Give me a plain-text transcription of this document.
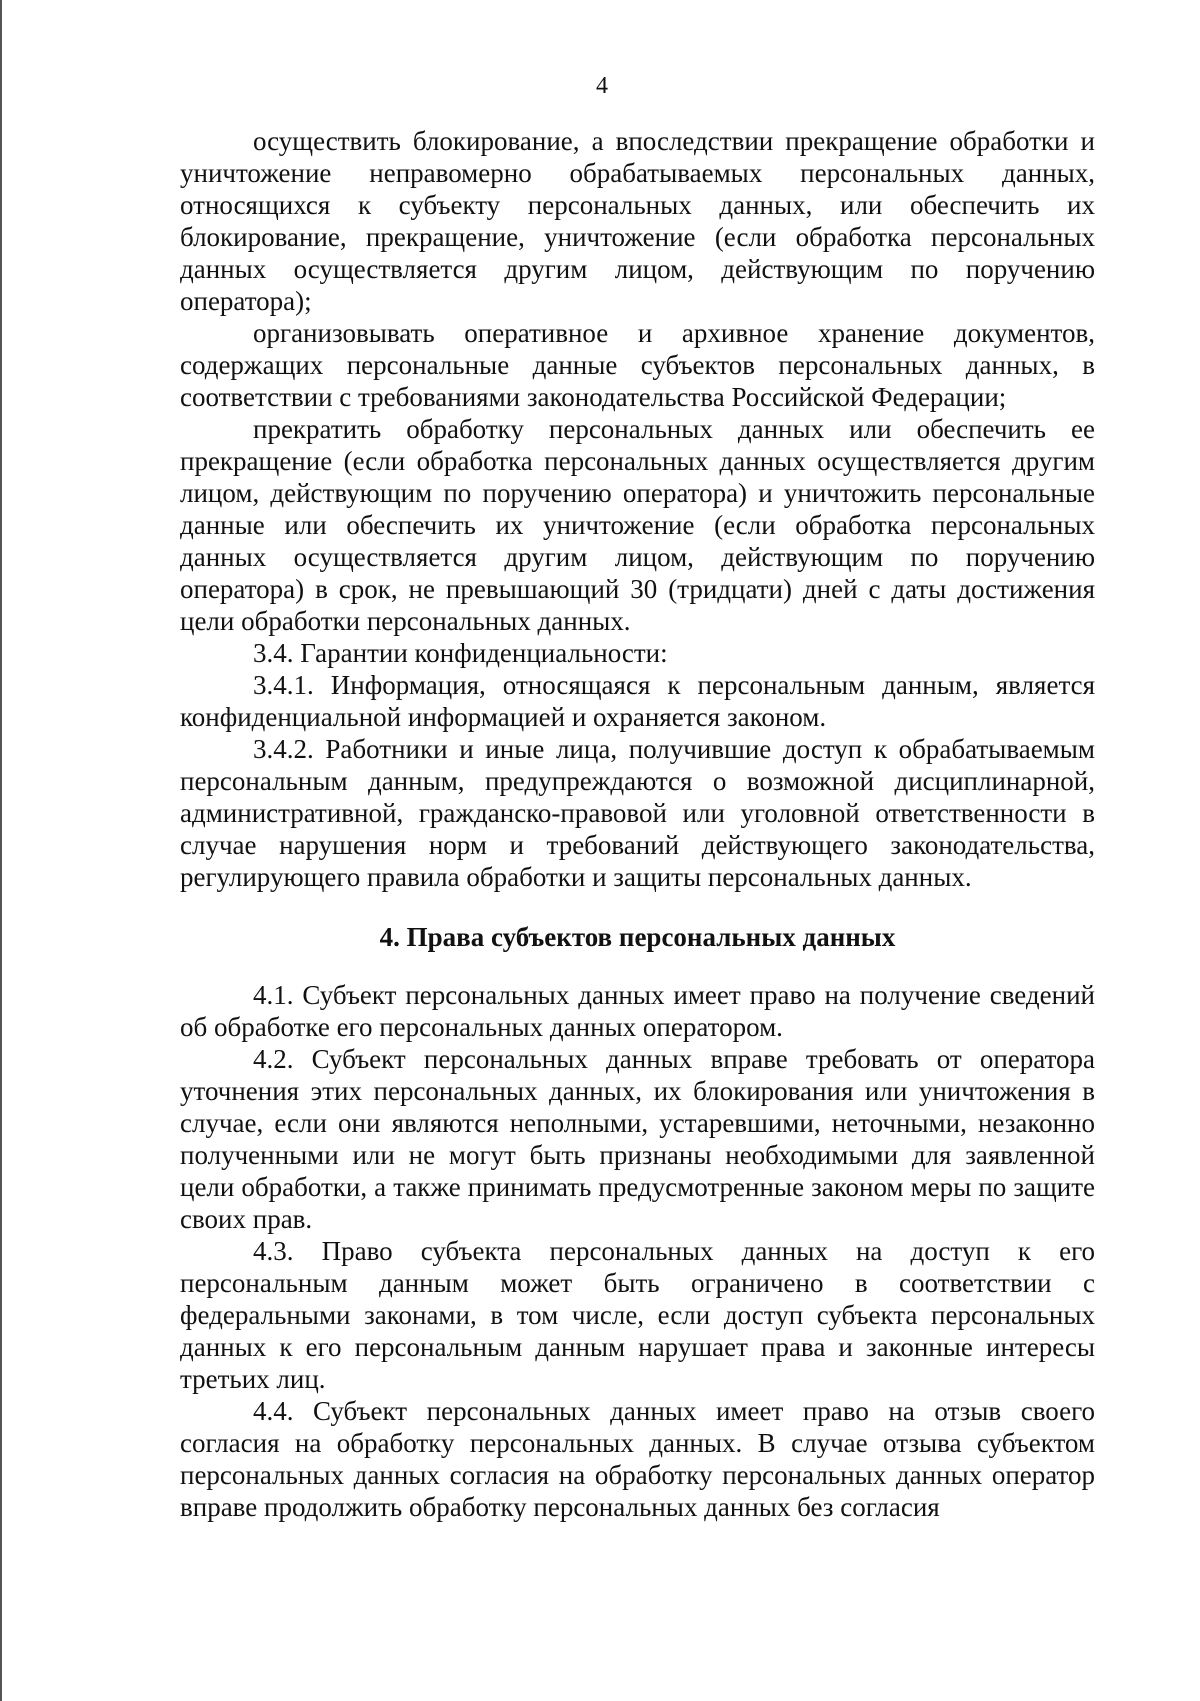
4

осуществить блокирование, а впоследствии прекращение обработки и уничтожение неправомерно обрабатываемых персональных данных, относящихся к субъекту персональных данных, или обеспечить их блокирование, прекращение, уничтожение (если обработка персональных данных осуществляется другим лицом, действующим по поручению оператора);

организовывать оперативное и архивное хранение документов, содержащих персональные данные субъектов персональных данных, в соответствии с требованиями законодательства Российской Федерации;

прекратить обработку персональных данных или обеспечить ее прекращение (если обработка персональных данных осуществляется другим лицом, действующим по поручению оператора) и уничтожить персональные данные или обеспечить их уничтожение (если обработка персональных данных осуществляется другим лицом, действующим по поручению оператора) в срок, не превышающий 30 (тридцати) дней с даты достижения цели обработки персональных данных.

3.4. Гарантии конфиденциальности:

3.4.1. Информация, относящаяся к персональным данным, является конфиденциальной информацией и охраняется законом.

3.4.2. Работники и иные лица, получившие доступ к обрабатываемым персональным данным, предупреждаются о возможной дисциплинарной, административной, гражданско-правовой или уголовной ответственности в случае нарушения норм и требований действующего законодательства, регулирующего правила обработки и защиты персональных данных.

4. Права субъектов персональных данных

4.1. Субъект персональных данных имеет право на получение сведений об обработке его персональных данных оператором.

4.2. Субъект персональных данных вправе требовать от оператора уточнения этих персональных данных, их блокирования или уничтожения в случае, если они являются неполными, устаревшими, неточными, незаконно полученными или не могут быть признаны необходимыми для заявленной цели обработки, а также принимать предусмотренные законом меры по защите своих прав.

4.3. Право субъекта персональных данных на доступ к его персональным данным может быть ограничено в соответствии с федеральными законами, в том числе, если доступ субъекта персональных данных к его персональным данным нарушает права и законные интересы третьих лиц.

4.4. Субъект персональных данных имеет право на отзыв своего согласия на обработку персональных данных. В случае отзыва субъектом персональных данных согласия на обработку персональных данных оператор вправе продолжить обработку персональных данных без согласия
